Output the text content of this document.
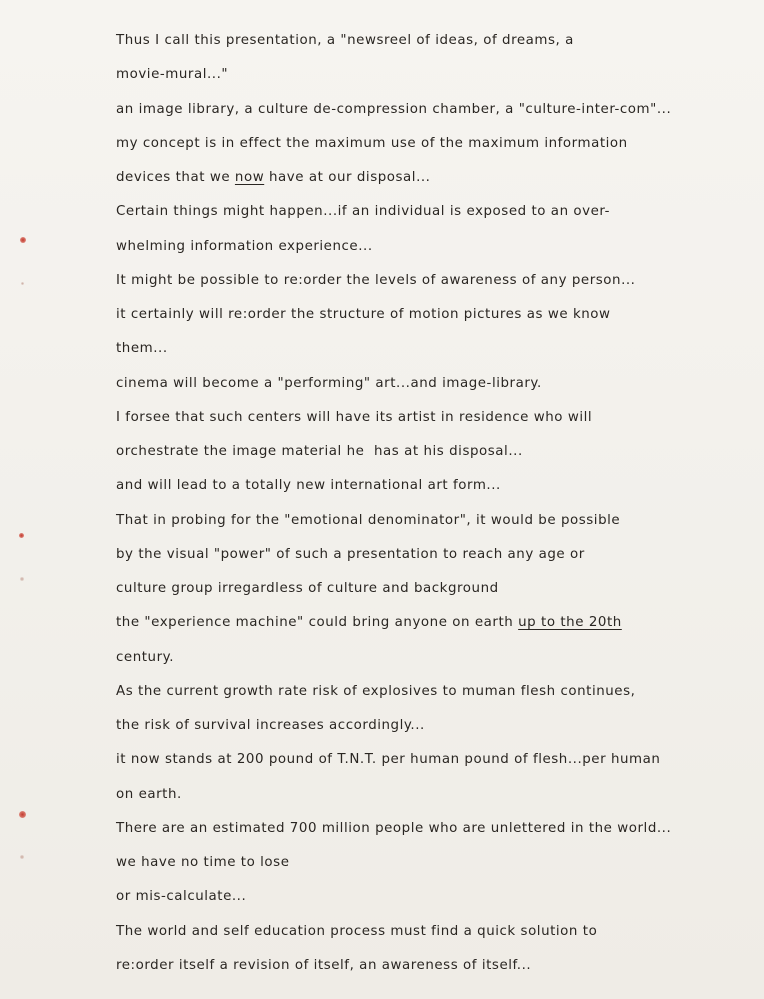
Thus I call this presentation, a "newsreel of ideas, of dreams, a
movie-mural..."
an image library, a culture de-compression chamber, a "culture-inter-com"...
my concept is in effect the maximum use of the maximum information
devices that we now have at our disposal...
Certain things might happen...if an individual is exposed to an over-
whelming information experience...
It might be possible to re:order the levels of awareness of any person...
it certainly will re:order the structure of motion pictures as we know
them...
cinema will become a "performing" art...and image-library.
I forsee that such centers will have its artist in residence who will
orchestrate the image material he  has at his disposal...
and will lead to a totally new international art form...
That in probing for the "emotional denominator", it would be possible
by the visual "power" of such a presentation to reach any age or
culture group irregardless of culture and background
the "experience machine" could bring anyone on earth up to the 20th
century.
As the current growth rate risk of explosives to muman flesh continues,
the risk of survival increases accordingly...
it now stands at 200 pound of T.N.T. per human pound of flesh...per human
on earth.
There are an estimated 700 million people who are unlettered in the world...
we have no time to lose
or mis-calculate...
The world and self education process must find a quick solution to
re:order itself a revision of itself, an awareness of itself...
